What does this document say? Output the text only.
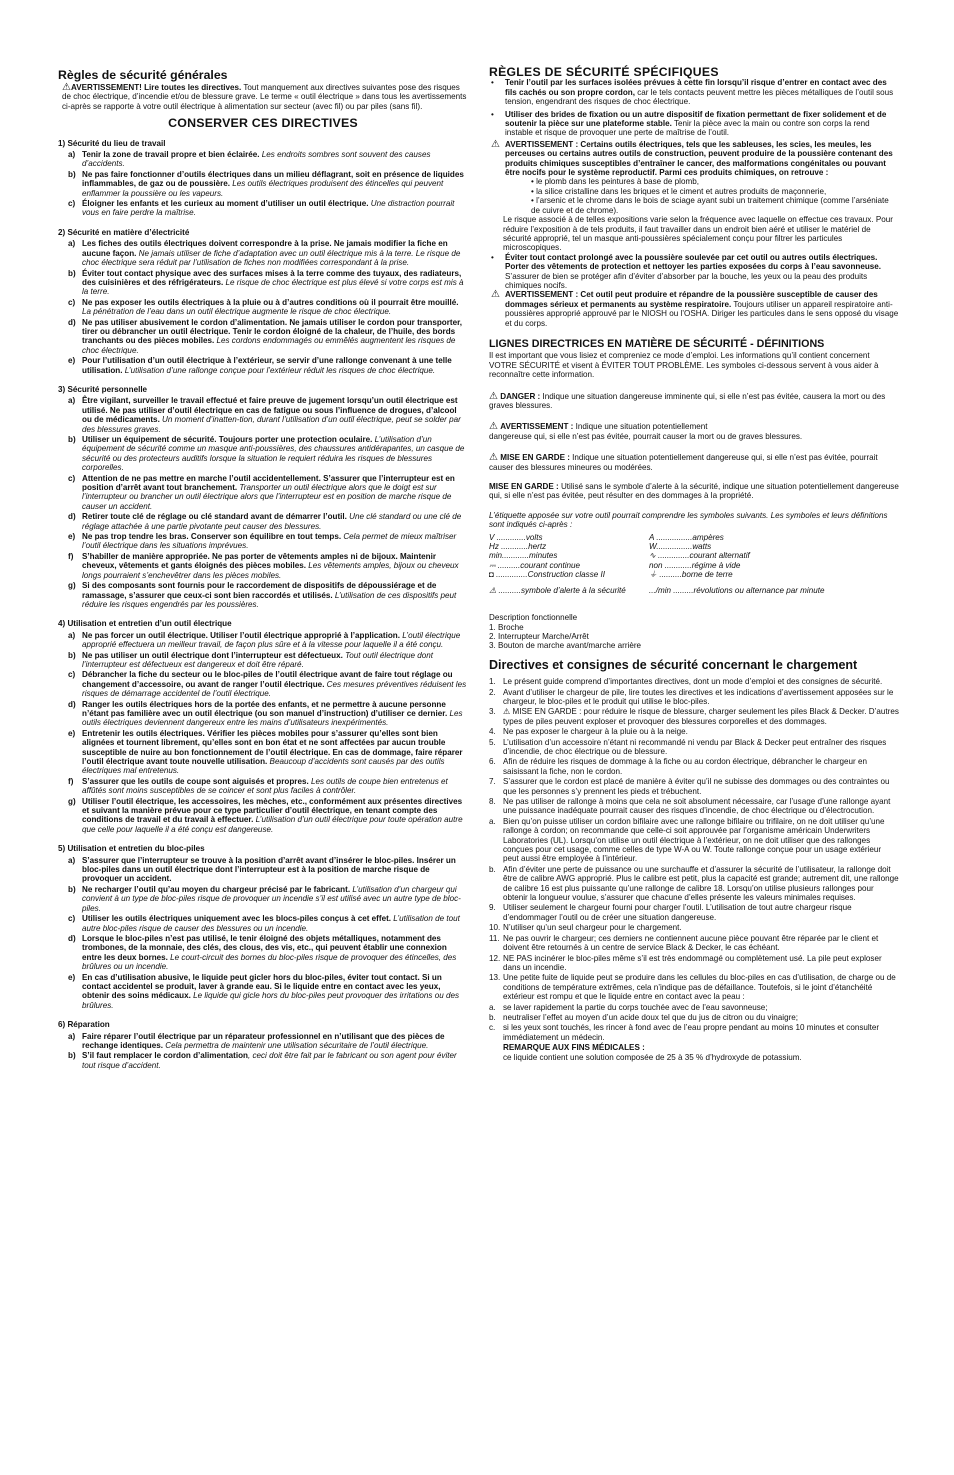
Règles de sécurité générales
⚠AVERTISSEMENT! Lire toutes les directives. Tout manquement aux directives suivantes pose des risques de choc électrique, d’incendie et/ou de blessure grave. Le terme « outil électrique » dans tous les avertissements ci-après se rapporte à votre outil électrique à alimentation sur secteur (avec fil) ou par piles (sans fil).
CONSERVER CES DIRECTIVES
1) Sécurité du lieu de travail
a) Tenir la zone de travail propre et bien éclairée. Les endroits sombres sont souvent des causes d’accidents.
b) Ne pas faire fonctionner d’outils électriques dans un milieu déflagrant, soit en présence de liquides inflammables, de gaz ou de poussière. Les outils électriques produisent des étincelles qui peuvent enflammer la poussière ou les vapeurs.
c) Éloigner les enfants et les curieux au moment d’utiliser un outil électrique. Une distraction pourrait vous en faire perdre la maîtrise.
2) Sécurité en matière d’électricité
a) Les fiches des outils électriques doivent correspondre à la prise. Ne jamais modifier la fiche en aucune façon. Ne jamais utiliser de fiche d’adaptation avec un outil électrique mis à la terre. Le risque de choc électrique sera réduit par l’utilisation de fiches non modifiées correspondant à la prise.
b) Éviter tout contact physique avec des surfaces mises à la terre comme des tuyaux, des radiateurs, des cuisinières et des réfrigérateurs. Le risque de choc électrique est plus élevé si votre corps est mis à la terre.
c) Ne pas exposer les outils électriques à la pluie ou à d’autres conditions où il pourrait être mouillé. La pénétration de l’eau dans un outil électrique augmente le risque de choc électrique.
d) Ne pas utiliser abusivement le cordon d’alimentation. Ne jamais utiliser le cordon pour transporter, tirer ou débrancher un outil électrique. Tenir le cordon éloigné de la chaleur, de l’huile, des bords tranchants ou des pièces mobiles. Les cordons endommagés ou emmêlés augmentent les risques de choc électrique.
e) Pour l’utilisation d’un outil électrique à l’extérieur, se servir d’une rallonge convenant à une telle utilisation. L’utilisation d’une rallonge conçue pour l’extérieur réduit les risques de choc électrique.
3) Sécurité personnelle
a) Être vigilant, surveiller le travail effectué et faire preuve de jugement lorsqu’un outil électrique est utilisé. Ne pas utiliser d’outil électrique en cas de fatigue ou sous l’influence de drogues, d’alcool ou de médicaments. Un moment d’inatten-tion, durant l’utilisation d’un outil électrique, peut se solder par des blessures graves.
b) Utiliser un équipement de sécurité. Toujours porter une protection oculaire. L’utilisation d’un équipement de sécurité comme un masque anti-poussières, des chaussures antidérapantes, un casque de sécurité ou des protecteurs auditifs lorsque la situation le requiert réduira les risques de blessures corporelles.
c) Attention de ne pas mettre en marche l’outil accidentellement. S’assurer que l’interrupteur est en position d’arrêt avant tout branchement. Transporter un outil électrique alors que le doigt est sur l’interrupteur ou brancher un outil électrique alors que l’interrupteur est en position de marche risque de causer un accident.
d) Retirer toute clé de réglage ou clé standard avant de démarrer l’outil. Une clé standard ou une clé de réglage attachée à une partie pivotante peut causer des blessures.
e) Ne pas trop tendre les bras. Conserver son équilibre en tout temps. Cela permet de mieux maîtriser l’outil électrique dans les situations imprévues.
f)	S’habiller de manière appropriée. Ne pas porter de vêtements amples ni de bijoux. Maintenir cheveux, vêtements et gants éloignés des pièces mobiles. Les vêtements amples, bijoux ou cheveux longs pourraient s’enchevêtrer dans les pièces mobiles.
g) Si des composants sont fournis pour le raccordement de dispositifs de dépoussiérage et de ramassage, s’assurer que ceux-ci sont bien raccordés et utilisés. L’utilisation de ces dispositifs peut réduire les risques engendrés par les poussières.
4) Utilisation et entretien d’un outil électrique
a) Ne pas forcer un outil électrique. Utiliser l’outil électrique approprié à l’application. L’outil électrique approprié effectuera un meilleur travail, de façon plus sûre et à la vitesse pour laquelle il a été conçu.
b) Ne pas utiliser un outil électrique dont l’interrupteur est défectueux. Tout outil électrique dont l’interrupteur est défectueux est dangereux et doit être réparé.
c) Débrancher la fiche du secteur ou le bloc-piles de l’outil électrique avant de faire tout réglage ou changement d’accessoire, ou avant de ranger l’outil électrique. Ces mesures préventives réduisent les risques de démarrage accidentel de l’outil électrique.
d) Ranger les outils électriques hors de la portée des enfants, et ne permettre à aucune personne n’étant pas familière avec un outil électrique (ou son manuel d’instruction) d’utiliser ce dernier. Les outils électriques deviennent dangereux entre les mains d’utilisateurs inexpérimentés.
e) Entretenir les outils électriques. Vérifier les pièces mobiles pour s’assurer qu’elles sont bien alignées et tournent librement, qu’elles sont en bon état et ne sont affectées par aucun trouble susceptible de nuire au bon fonctionnement de l’outil électrique. En cas de dommage, faire réparer l’outil électrique avant toute nouvelle utilisation. Beaucoup d’accidents sont causés par des outils électriques mal entretenus.
f)	S’assurer que les outils de coupe sont aiguisés et propres. Les outils de coupe bien entretenus et affûtés sont moins susceptibles de se coincer et sont plus faciles à contrôler.
g) Utiliser l’outil électrique, les accessoires, les mèches, etc., conformément aux présentes directives et suivant la manière prévue pour ce type particulier d’outil électrique, en tenant compte des conditions de travail et du travail à effectuer. L’utilisation d’un outil électrique pour toute opération autre que celle pour laquelle il a été conçu est dangereuse.
5) Utilisation et entretien du bloc-piles
a) S’assurer que l’interrupteur se trouve à la position d’arrêt avant d’insérer le bloc-piles. Insérer un bloc-piles dans un outil électrique dont l’interrupteur est à la position de marche risque de provoquer un accident.
b) Ne recharger l’outil qu’au moyen du chargeur précisé par le fabricant. L’utilisation d’un chargeur qui convient à un type de bloc-piles risque de provoquer un incendie s’il est utilisé avec un autre type de bloc-piles.
c) Utiliser les outils électriques uniquement avec les blocs-piles conçus à cet effet. L’utilisation de tout autre bloc-piles risque de causer des blessures ou un incendie.
d) Lorsque le bloc-piles n’est pas utilisé, le tenir éloigné des objets métalliques, notamment des trombones, de la monnaie, des clés, des clous, des vis, etc., qui peuvent établir une connexion entre les deux bornes. Le court-circuit des bornes du bloc-piles risque de provoquer des étincelles, des brûlures ou un incendie.
e) En cas d’utilisation abusive, le liquide peut gicler hors du bloc-piles, éviter tout contact. Si un contact accidentel se produit, laver à grande eau. Si le liquide entre en contact avec les yeux, obtenir des soins médicaux. Le liquide qui gicle hors du bloc-piles peut provoquer des irritations ou des brûlures.
6) Réparation
a) Faire réparer l’outil électrique par un réparateur professionnel en n’utilisant que des pièces de rechange identiques. Cela permettra de maintenir une utilisation sécuritaire de l’outil électrique.
b) S’il faut remplacer le cordon d’alimentation, ceci doit être fait par le fabricant ou son agent pour éviter tout risque d’accident.
RÈGLES DE SÉCURITÉ SPÉCIFIQUES
•	Tenir l’outil par les surfaces isolées prévues à cette fin lorsqu’il risque d’entrer en contact avec des fils cachés ou son propre cordon, car le tels contacts peuvent mettre les pièces métalliques de l’outil sous tension, engendrant des risques de choc électrique.
•	Utiliser des brides de fixation ou un autre dispositif de fixation permettant de fixer solidement et de soutenir la pièce sur une plateforme stable. Tenir la pièce avec la main ou contre son corps la rend instable et risque de provoquer une perte de maîtrise de l’outil.
⚠ AVERTISSEMENT : Certains outils électriques, tels que les sableuses, les scies, les meules, les perceuses ou certains autres outils de construction, peuvent produire de la poussière contenant des produits chimiques susceptibles d’entraîner le cancer, des malformations congénitales ou pouvant être nocifs pour le système reproductif. Parmi ces produits chimiques, on retrouve :
• le plomb dans les peintures à base de plomb,
• la silice cristalline dans les briques et le ciment et autres produits de maçonnerie,
• l’arsenic et le chrome dans le bois de sciage ayant subi un traitement chimique (comme l’arséniate de cuivre et de chrome).
Le risque associé à de telles expositions varie selon la fréquence avec laquelle on effectue ces travaux. Pour réduire l’exposition à de tels produits, il faut travailler dans un endroit bien aéré et utiliser le matériel de sécurité approprié, tel un masque anti-poussières spécialement conçu pour filtrer les particules microscopiques.
•	Éviter tout contact prolongé avec la poussière soulevée par cet outil ou autres outils électriques. Porter des vêtements de protection et nettoyer les parties exposées du corps à l’eau savonneuse. S’assurer de bien se protéger afin d’éviter d’absorber par la bouche, les yeux ou la peau des produits chimiques nocifs.
⚠ AVERTISSEMENT : Cet outil peut produire et répandre de la poussière susceptible de causer des dommages sérieux et permanents au système respiratoire. Toujours utiliser un appareil respiratoire anti-poussières approprié approuvé par le NIOSH ou l’OSHA. Diriger les particules dans le sens opposé du visage et du corps.
LIGNES DIRECTRICES EN MATIÈRE DE SÉCURITÉ - DÉFINITIONS
Il est important que vous lisiez et compreniez ce mode d’emploi. Les informations qu’il contient concernent VOTRE SÉCURITÉ et visent à ÉVITER TOUT PROBLÈME. Les symboles ci-dessous servent à vous aider à reconnaître cette information.
⚠ DANGER : Indique une situation dangereuse imminente qui, si elle n’est pas évitée, causera la mort ou des graves blessures.
⚠ AVERTISSEMENT : Indique une situation potentiellement
dangereuse qui, si elle n’est pas évitée, pourrait causer la mort ou de graves blessures.
⚠ MISE EN GARDE : Indique une situation potentiellement dangereuse qui, si elle n’est pas évitée, pourrait causer des blessures mineures ou modérées.
MISE EN GARDE : Utilisé sans le symbole d’alerte à la sécurité, indique une situation potentiellement dangereuse qui, si elle n’est pas évitée, peut résulter en des dommages à la propriété.
L’étiquette apposée sur votre outil pourrait comprendre les symboles suivants. Les symboles et leurs définitions sont indiqués ci-après :
V .............volts	A ................ampères
Hz ............hertz	W................watts
min............minutes	∿ ..............courant alternatif
⎓ ..........courant continue	non ............régime à vide
◘ ..............Construction classe II	⏚ ..........borne de terre
⚠ ..........symbole d’alerte à la sécurité	.../min .........révolutions ou alternance par minute
Description fonctionnelle
1. Broche
2. Interrupteur Marche/Arrêt
3. Bouton de marche avant/marche arrière
Directives et consignes de sécurité concernant le chargement
1. Le présent guide comprend d’importantes directives, dont un mode d’emploi et des consignes de sécurité.
2. Avant d’utiliser le chargeur de pile, lire toutes les directives et les indications d’avertissement apposées sur le chargeur, le bloc-piles et le produit qui utilise le bloc-piles.
3. ⚠ MISE EN GARDE : pour réduire le risque de blessure, charger seulement les piles Black & Decker. D’autres types de piles peuvent exploser et provoquer des blessures corporelles et des dommages.
4. Ne pas exposer le chargeur à la pluie ou à la neige.
5. L’utilisation d’un accessoire n’étant ni recommandé ni vendu par Black & Decker peut entraîner des risques d’incendie, de choc électrique ou de blessure.
6. Afin de réduire les risques de dommage à la fiche ou au cordon électrique, débrancher le chargeur en saisissant la fiche, non le cordon.
7. S’assurer que le cordon est placé de manière à éviter qu’il ne subisse des dommages ou des contraintes ou que les personnes s’y prennent les pieds et trébuchent.
8. Ne pas utiliser de rallonge à moins que cela ne soit absolument nécessaire, car l’usage d’une rallonge ayant une puissance inadéquate pourrait causer des risques d’incendie, de choc électrique ou d’électrocution.
a. Bien qu’on puisse utiliser un cordon bifilaire avec une rallonge bifilaire ou trifilaire, on ne doit utiliser qu’une rallonge à cordon; on recommande que celle-ci soit approuvée par l’organisme américain Underwriters Laboratories (UL). Lorsqu’on utilise un outil électrique à l’extérieur, on ne doit utiliser que des rallonges conçues pour cet usage, comme celles de type W-A ou W. Toute rallonge conçue pour un usage extérieur peut aussi être employée à l’intérieur.
b. Afin d’éviter une perte de puissance ou une surchauffe et d’assurer la sécurité de l’utilisateur, la rallonge doit être de calibre AWG approprié. Plus le calibre est petit, plus la capacité est grande; autrement dit, une rallonge de calibre 16 est plus puissante qu’une rallonge de calibre 18. Lorsqu’on utilise plusieurs rallonges pour obtenir la longueur voulue, s’assurer que chacune d’elles présente les valeurs minimales requises.
9. Utiliser seulement le chargeur fourni pour charger l’outil. L’utilisation de tout autre chargeur risque d’endommager l’outil ou de créer une situation dangereuse.
10. N’utiliser qu’un seul chargeur pour le chargement.
11. Ne pas ouvrir le chargeur; ces derniers ne contiennent aucune pièce pouvant être réparée par le client et doivent être retournés à un centre de service Black & Decker, le cas échéant.
12. NE PAS incinérer le bloc-piles même s’il est très endommagé ou complètement usé. La pile peut exploser dans un incendie.
13. Une petite fuite de liquide peut se produire dans les cellules du bloc-piles en cas d’utilisation, de charge ou de conditions de température extrêmes, cela n’indique pas de défaillance. Toutefois, si le joint d’étanchéité extérieur est rompu et que le liquide entre en contact avec la peau :
a. se laver rapidement la partie du corps touchée avec de l’eau savonneuse;
b. neutraliser l’effet au moyen d’un acide doux tel que du jus de citron ou du vinaigre;
c. si les yeux sont touchés, les rincer à fond avec de l’eau propre pendant au moins 10 minutes et consulter immédiatement un médecin.
REMARQUE AUX FINS MÉDICALES :
ce liquide contient une solution composée de 25 à 35 % d’hydroxyde de potassium.
